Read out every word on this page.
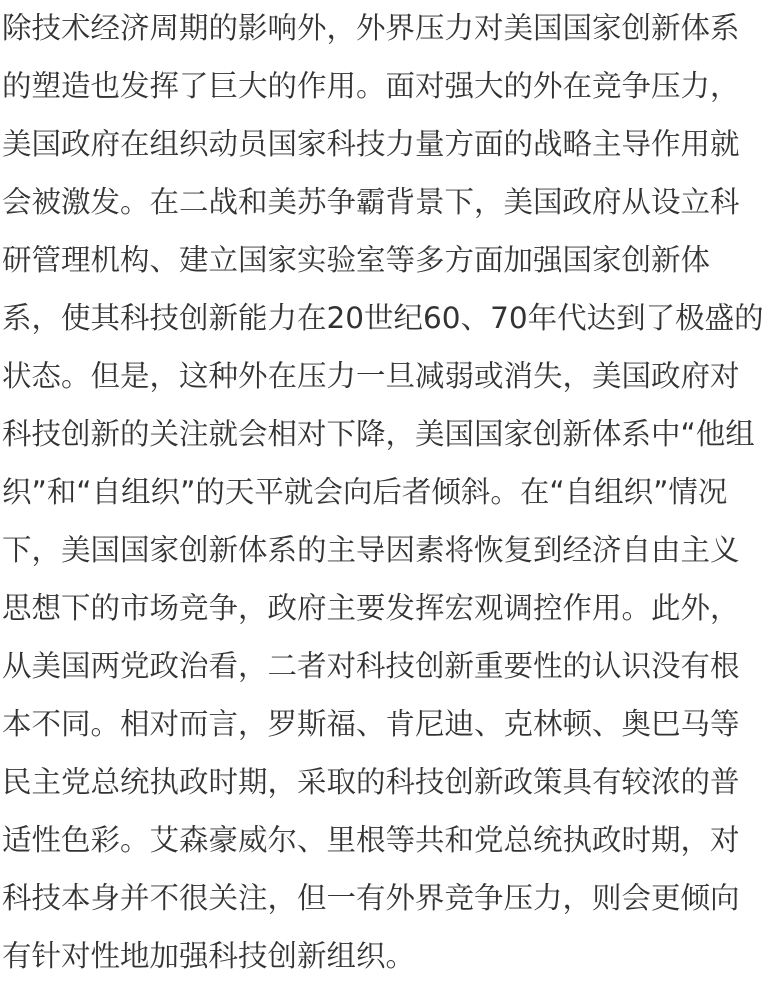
除技术经济周期的影响外，外界压力对美国国家创新体系
的塑造也发挥了巨大的作用。面对强大的外在竞争压力，
美国政府在组织动员国家科技力量方面的战略主导作用就
会被激发。在二战和美苏争霸背景下，美国政府从设立科
研管理机构、建立国家实验室等多方面加强国家创新体
系，使其科技创新能力在20世纪60、70年代达到了极盛的
状态。但是，这种外在压力一旦减弱或消失，美国政府对
科技创新的关注就会相对下降，美国国家创新体系中“他组
织”和“自组织”的天平就会向后者倾斜。在“自组织”情况
下，美国国家创新体系的主导因素将恢复到经济自由主义
思想下的市场竞争，政府主要发挥宏观调控作用。此外，
从美国两党政治看，二者对科技创新重要性的认识没有根
本不同。相对而言，罗斯福、肯尼迪、克林顿、奥巴马等
民主党总统执政时期，采取的科技创新政策具有较浓的普
适性色彩。艾森豪威尔、里根等共和党总统执政时期，对
科技本身并不很关注，但一有外界竞争压力，则会更倾向
有针对性地加强科技创新组织。
